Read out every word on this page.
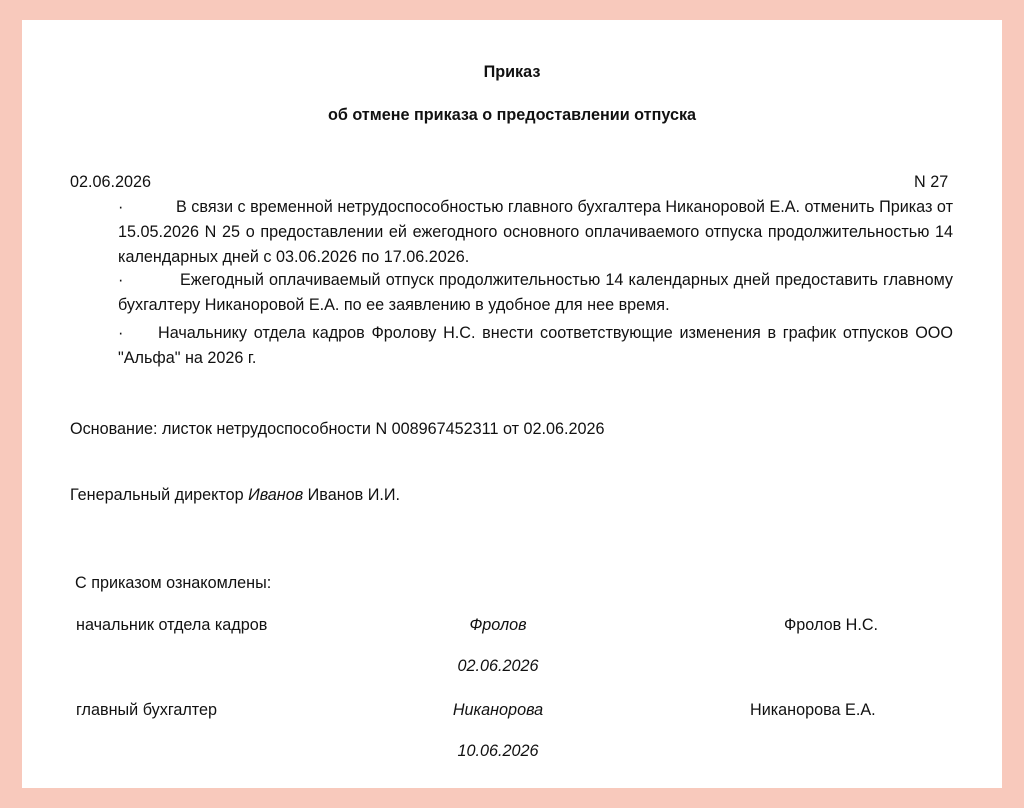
Приказ
об отмене приказа о предоставлении отпуска
02.06.2026	N 27
·	В связи с временной нетрудоспособностью главного бухгалтера Никаноровой Е.А. отменить Приказ от 15.05.2026 N 25 о предоставлении ей ежегодного основного оплачиваемого отпуска продолжительностью 14 календарных дней с 03.06.2026 по 17.06.2026.
·	Ежегодный оплачиваемый отпуск продолжительностью 14 календарных дней предоставить главному бухгалтеру Никаноровой Е.А. по ее заявлению в удобное для нее время.
· Начальнику отдела кадров Фролову Н.С. внести соответствующие изменения в график отпусков ООО "Альфа" на 2026 г.
Основание: листок нетрудоспособности N 008967452311 от 02.06.2026
Генеральный директор Иванов Иванов И.И.
С приказом ознакомлены:
начальник отдела кадров	Фролов	Фролов Н.С.
02.06.2026
главный бухгалтер	Никанорова	Никанорова Е.А.
10.06.2026
